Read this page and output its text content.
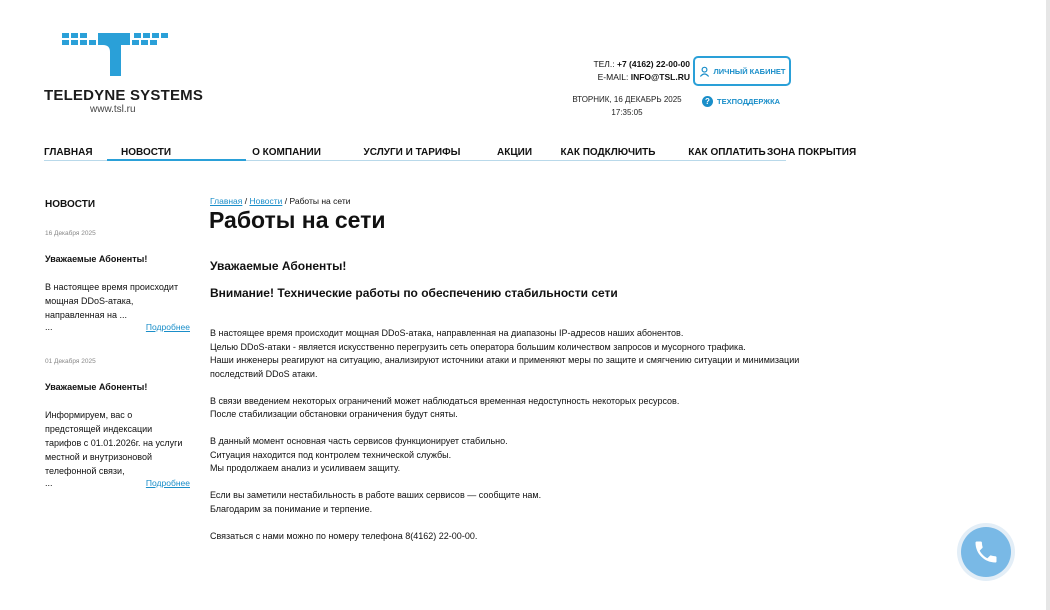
TELEDYNE SYSTEMS
www.tsl.ru
ТЕЛ.: +7 (4162) 22-00-00
E-MAIL: INFO@TSL.RU
ВТОРНИК, 16 ДЕКАБРЬ 2025
17:35:05
ЛИЧНЫЙ КАБИНЕТ
? ТЕХПОДДЕРЖКА
ГЛАВНАЯ	НОВОСТИ	О КОМПАНИИ	УСЛУГИ И ТАРИФЫ	АКЦИИ	КАК ПОДКЛЮЧИТЬ	КАК ОПЛАТИТЬ ЗОНА ПОКРЫТИЯ
НОВОСТИ
16 Декабря 2025
Уважаемые Абоненты!
В настоящее время происходит мощная DDoS-атака, направленная на ...
...	Подробнее
01 Декабря 2025
Уважаемые Абоненты!
Информируем, вас о предстоящей индексации тарифов с 01.01.2026г. на услуги местной и внутризоновой телефонной связи,
...	Подробнее
Главная / Новости / Работы на сети
Работы на сети
Уважаемые Абоненты!
Внимание! Технические работы по обеспечению стабильности сети

В настоящее время происходит мощная DDoS-атака, направленная на диапазоны IP-адресов наших абонентов.
Целью DDoS-атаки - является искусственно перегрузить сеть оператора большим количеством запросов и мусорного трафика.
Наши инженеры реагируют на ситуацию, анализируют источники атаки и применяют меры по защите и смягчению ситуации и минимизации последствий DDoS атаки.

В связи введением некоторых ограничений может наблюдаться временная недоступность некоторых ресурсов.
После стабилизации обстановки ограничения будут сняты.

В данный момент основная часть сервисов функционирует стабильно.
Ситуация находится под контролем технической службы.
Мы продолжаем анализ и усиливаем защиту.

Если вы заметили нестабильность в работе ваших сервисов — сообщите нам.
Благодарим за понимание и терпение.

Связаться с нами можно по номеру телефона 8(4162) 22-00-00.
